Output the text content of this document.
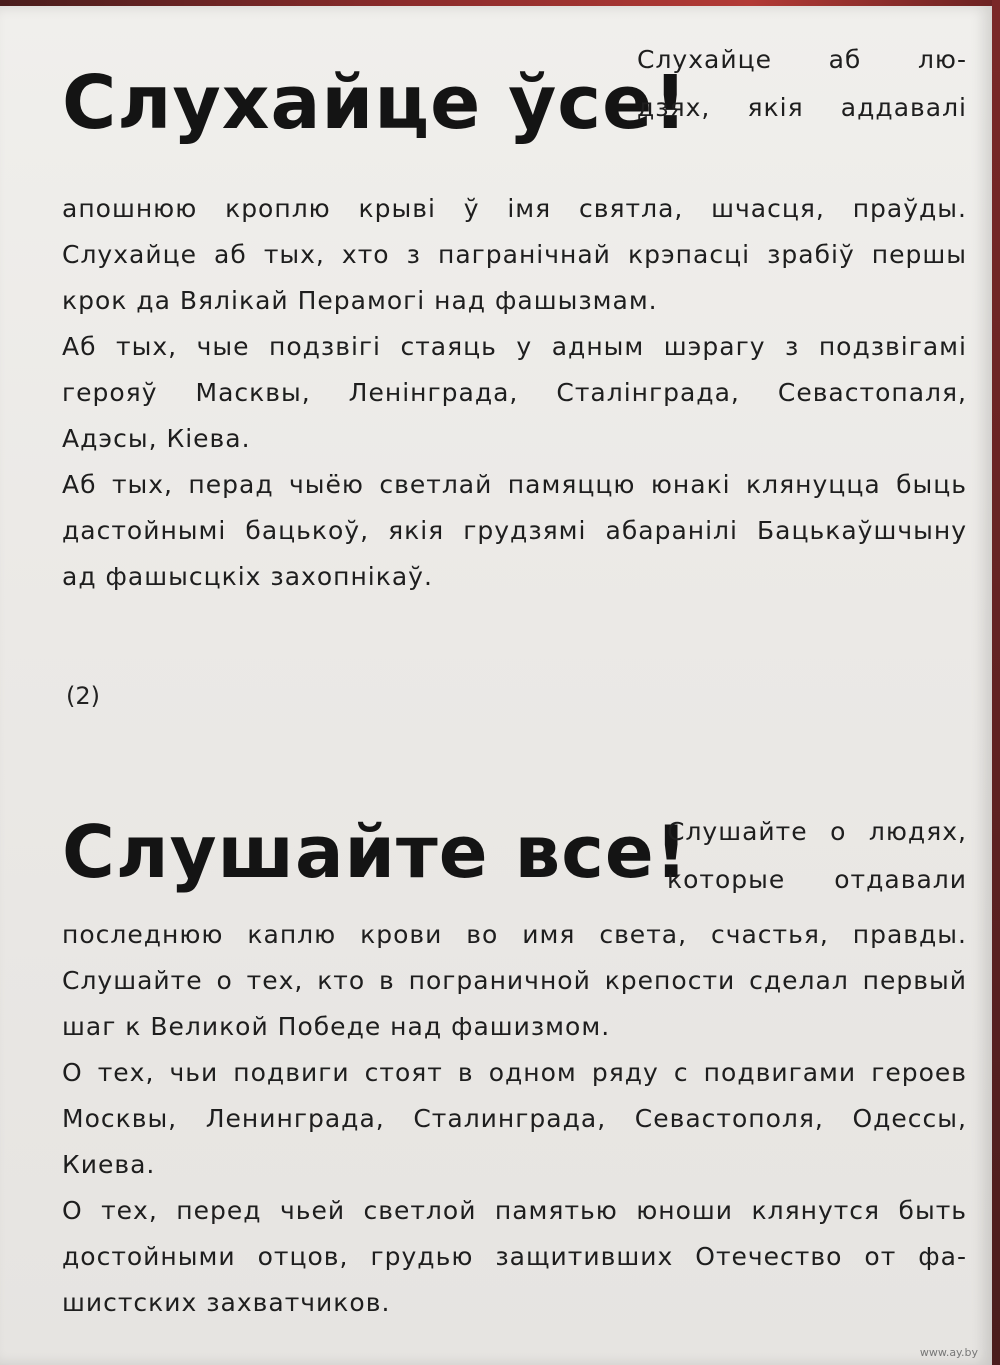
Слухайце ўсе!
Слухайце аб лю-
дзях, якія аддавалі

апошнюю кроплю крыві ў імя святла, шчасця, праўды.

Слухайце аб тых, хто з пагранічнай крэпасці зрабіў першы

крок да Вялікай Перамогі над фашызмам.

Аб тых, чые подзвігі стаяць у адным шэрагу з подзвігамі

герояў Масквы, Ленінграда, Сталінграда, Севастопаля,

Адэсы, Кіева.

Аб тых, перад чыёю светлай памяццю юнакі клянуцца быць

дастойнымі бацькоў, якія грудзямі абаранілі Бацькаўшчыну

ад фашысцкіх захопнікаў.

(2)
Слушайте все!
Слушайте о людях,
которые отдавали

последнюю каплю крови во имя света, счастья, правды.

Слушайте о тех, кто в пограничной крепости сделал первый

шаг к Великой Победе над фашизмом.

О тех, чьи подвиги стоят в одном ряду с подвигами героев

Москвы, Ленинграда, Сталинграда, Севастополя, Одессы,

Киева.

О тех, перед чьей светлой памятью юноши клянутся быть

достойными отцов, грудью защитивших Отечество от фа-

шистских захватчиков.

www.ay.by
